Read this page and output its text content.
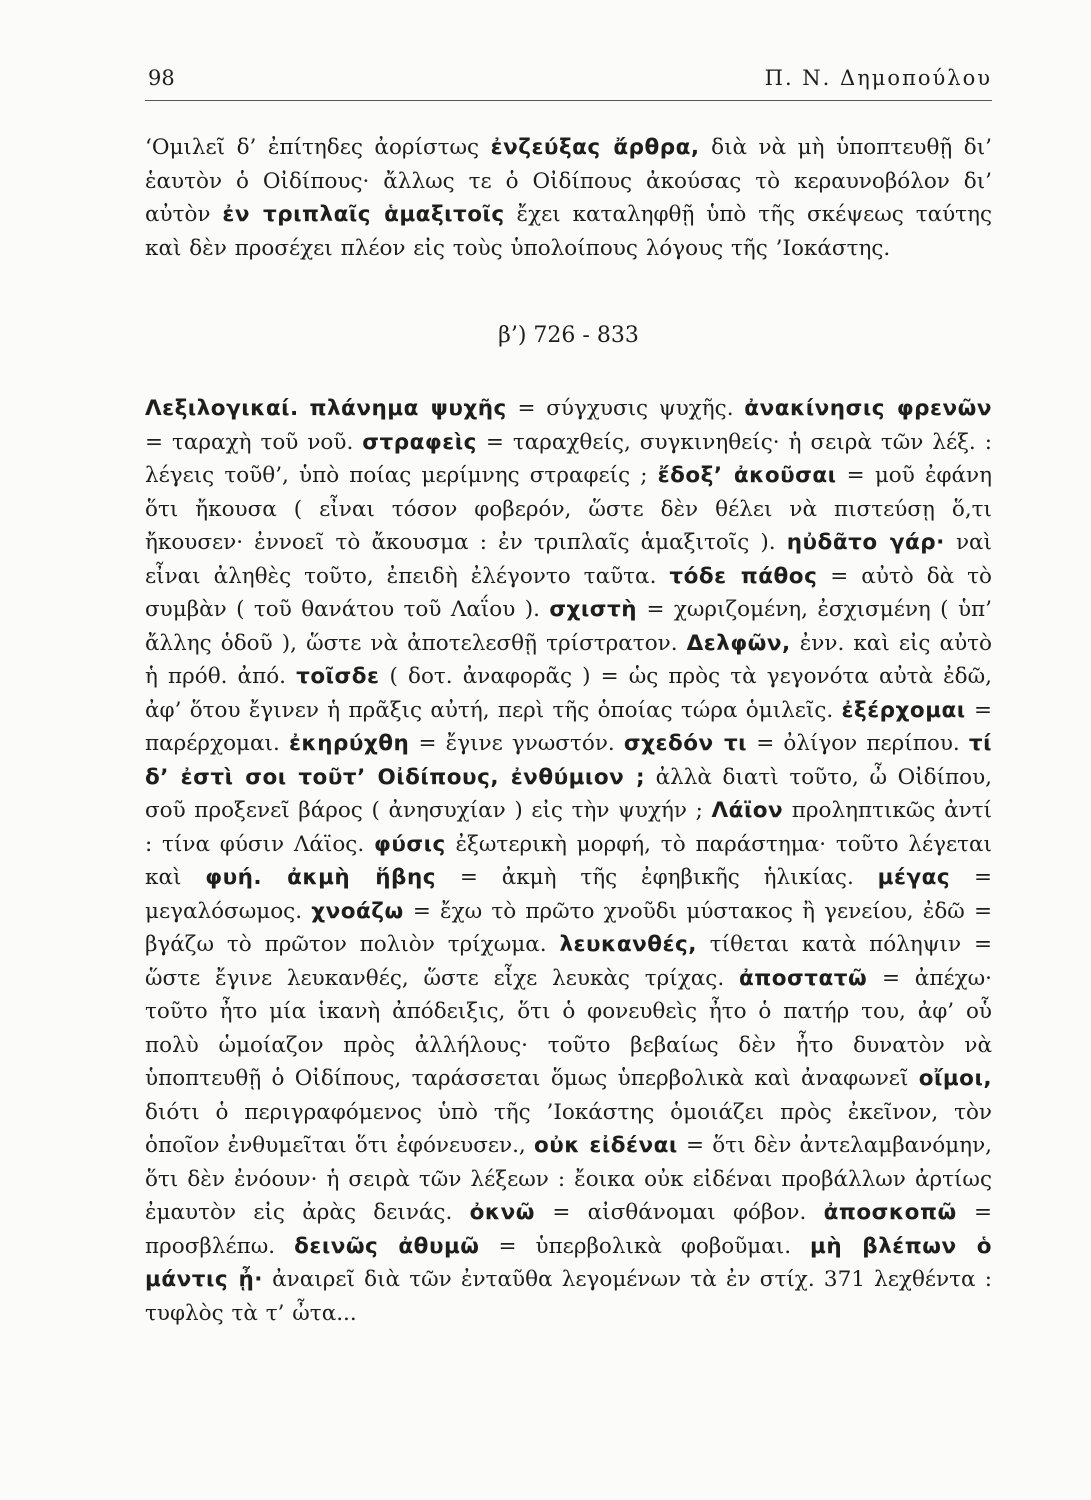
98	Π. Ν. Δημοπούλου
‘Ομιλεῖ δ’ ἐπίτηδες ἀορίστως ἐνζεύξας ἄρθρα, διὰ νὰ μὴ ὑποπτευθῇ δι’ ἑαυτὸν ὁ Οἰδίπους· ἄλλως τε ὁ Οἰδίπους ἀκούσας τὸ κεραυνοβόλον δι’ αὐτὸν ἐν τριπλαῖς ἁμαξιτοῖς ἔχει καταληφθῇ ὑπὸ τῆς σκέψεως ταύτης καὶ δὲν προσέχει πλέον εἰς τοὺς ὑπολοίπους λόγους τῆς ’Ιοκάστης.
β’) 726 - 833
Λεξιλογικαί. πλάνημα ψυχῆς = σύγχυσις ψυχῆς. ἀνακίνησις φρενῶν = ταραχὴ τοῦ νοῦ. στραφεὶς = ταραχθείς, συγκινηθείς· ἡ σειρὰ τῶν λέξ. : λέγεις τοῦθ’, ὑπὸ ποίας μερίμνης στραφείς ; ἔδοξ’ ἀκοῦσαι = μοῦ ἐφάνη ὅτι ἤκουσα ( εἶναι τόσον φοβερόν, ὥστε δὲν θέλει νὰ πιστεύσῃ ὅ,τι ἤκουσεν· ἐννοεῖ τὸ ἄκουσμα : ἐν τριπλαῖς ἁμαξιτοῖς ). ηὐδᾶτο γάρ· ναὶ εἶναι ἀληθὲς τοῦτο, ἐπειδὴ ἐλέγοντο ταῦτα. τόδε πάθος = αὐτὸ δὰ τὸ συμβὰν ( τοῦ θανάτου τοῦ Λαΐου ). σχιστὴ = χωριζομένη, ἐσχισμένη ( ὑπ’ ἄλλης ὁδοῦ ), ὥστε νὰ ἀποτελεσθῇ τρίστρατον. Δελφῶν, ἐνν. καὶ εἰς αὐτὸ ἡ πρόθ. ἀπό. τοῖσδε ( δοτ. ἀναφορᾶς ) = ὡς πρὸς τὰ γεγονότα αὐτὰ ἐδῶ, ἀφ’ ὅτου ἔγινεν ἡ πρᾶξις αὐτή, περὶ τῆς ὁποίας τώρα ὁμιλεῖς. ἐξέρχομαι = παρέρχομαι. ἐκηρύχθη = ἔγινε γνωστόν. σχεδόν τι = ὀλίγον περίπου. τί δ’ ἐστὶ σοι τοῦτ’ Οἰδίπους, ἐνθύμιον ; ἀλλὰ διατὶ τοῦτο, ὦ Οἰδίπου, σοῦ προξενεῖ βάρος ( ἀνησυχίαν ) εἰς τὴν ψυχήν ; Λάϊον προληπτικῶς ἀντί : τίνα φύσιν Λάϊος. φύσις ἐξωτερικὴ μορφή, τὸ παράστημα· τοῦτο λέγεται καὶ φυή. ἀκμὴ ἥβης = ἀκμὴ τῆς ἐφηβικῆς ἡλικίας. μέγας = μεγαλόσωμος. χνοάζω = ἔχω τὸ πρῶτο χνοῦδι μύστακος ἢ γενείου, ἐδῶ = βγάζω τὸ πρῶτον πολιὸν τρίχωμα. λευκανθές, τίθεται κατὰ πόληψιν = ὥστε ἔγινε λευκανθές, ὥστε εἶχε λευκὰς τρίχας. ἀποστατῶ = ἀπέχω· τοῦτο ἦτο μία ἱκανὴ ἀπόδειξις, ὅτι ὁ φονευθεὶς ἦτο ὁ πατήρ του, ἀφ’ οὗ πολὺ ὡμοίαζον πρὸς ἀλλήλους· τοῦτο βεβαίως δὲν ἦτο δυνατὸν νὰ ὑποπτευθῇ ὁ Οἰδίπους, ταράσσεται ὅμως ὑπερβολικὰ καὶ ἀναφωνεῖ οἴμοι, διότι ὁ περιγραφόμενος ὑπὸ τῆς ’Ιοκάστης ὁμοιάζει πρὸς ἐκεῖνον, τὸν ὁποῖον ἐνθυμεῖται ὅτι ἐφόνευσεν., οὐκ εἰδέναι = ὅτι δὲν ἀντελαμβανόμην, ὅτι δὲν ἐνόουν· ἡ σειρὰ τῶν λέξεων : ἔοικα οὐκ εἰδέναι προβάλλων ἀρτίως ἐμαυτὸν εἰς ἀρὰς δεινάς. ὀκνῶ = αἰσθάνομαι φόβον. ἀποσκοπῶ = προσβλέπω. δεινῶς ἀθυμῶ = ὑπερβολικὰ φοβοῦμαι. μὴ βλέπων ὁ μάντις ᾖ· ἀναιρεῖ διὰ τῶν ἐνταῦθα λεγομένων τὰ ἐν στίχ. 371 λεχθέντα : τυφλὸς τὰ τ’ ὦτα...
